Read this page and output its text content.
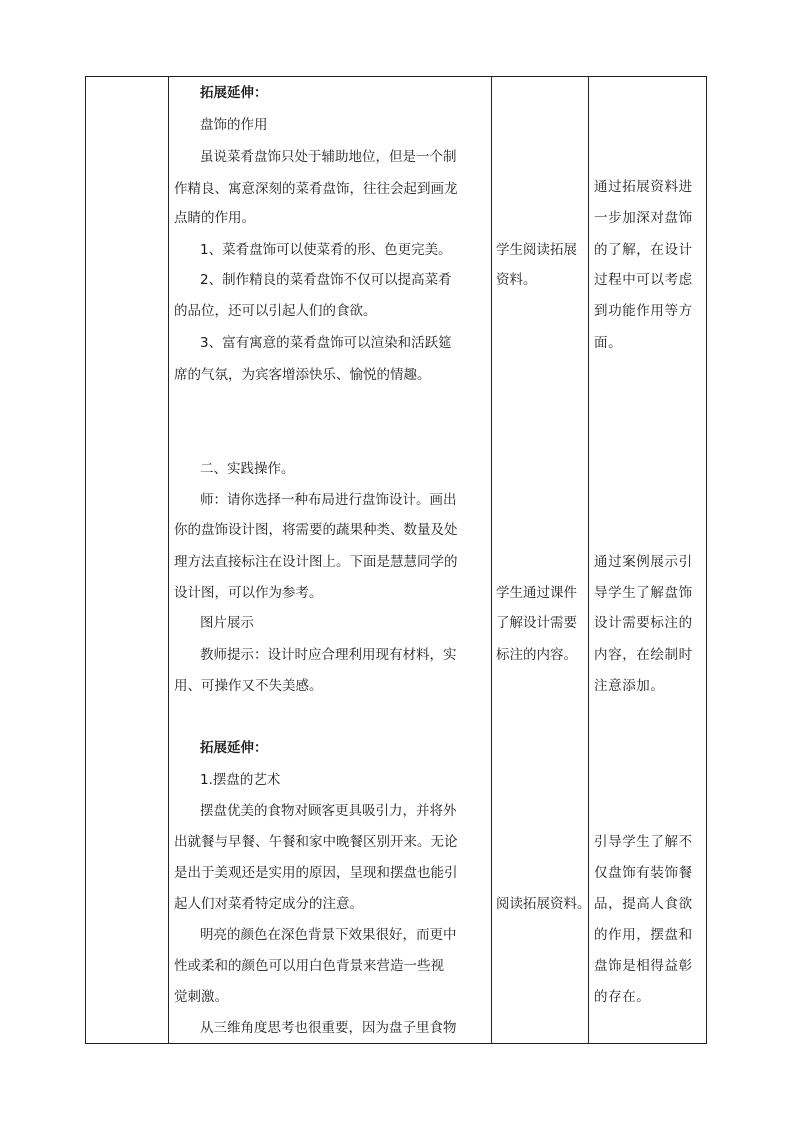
拓展延伸：
盘饰的作用
虽说菜肴盘饰只处于辅助地位，但是一个制
作精良、寓意深刻的菜肴盘饰，往往会起到画龙
点睛的作用。
1、菜肴盘饰可以使菜肴的形、色更完美。
2、制作精良的菜肴盘饰不仅可以提高菜肴
的品位，还可以引起人们的食欲。
3、富有寓意的菜肴盘饰可以渲染和活跃筵
席的气氛，为宾客增添快乐、愉悦的情趣。
学生阅读拓展
资料。
通过拓展资料进
一步加深对盘饰
的了解，在设计
过程中可以考虑
到功能作用等方
面。
二、实践操作。
师：请你选择一种布局进行盘饰设计。画出
你的盘饰设计图，将需要的蔬果种类、数量及处
理方法直接标注在设计图上。下面是慧慧同学的
设计图，可以作为参考。
图片展示
教师提示：设计时应合理利用现有材料，实
用、可操作又不失美感。
学生通过课件
了解设计需要
标注的内容。
通过案例展示引
导学生了解盘饰
设计需要标注的
内容，在绘制时
注意添加。
拓展延伸：
1.摆盘的艺术
摆盘优美的食物对顾客更具吸引力，并将外
出就餐与早餐、午餐和家中晚餐区别开来。无论
是出于美观还是实用的原因，呈现和摆盘也能引
起人们对菜肴特定成分的注意。
明亮的颜色在深色背景下效果很好，而更中
性或柔和的颜色可以用白色背景来营造一些视
觉刺激。
从三维角度思考也很重要，因为盘子里食物
阅读拓展资料。
引导学生了解不
仅盘饰有装饰餐
品，提高人食欲
的作用，摆盘和
盘饰是相得益彰
的存在。
